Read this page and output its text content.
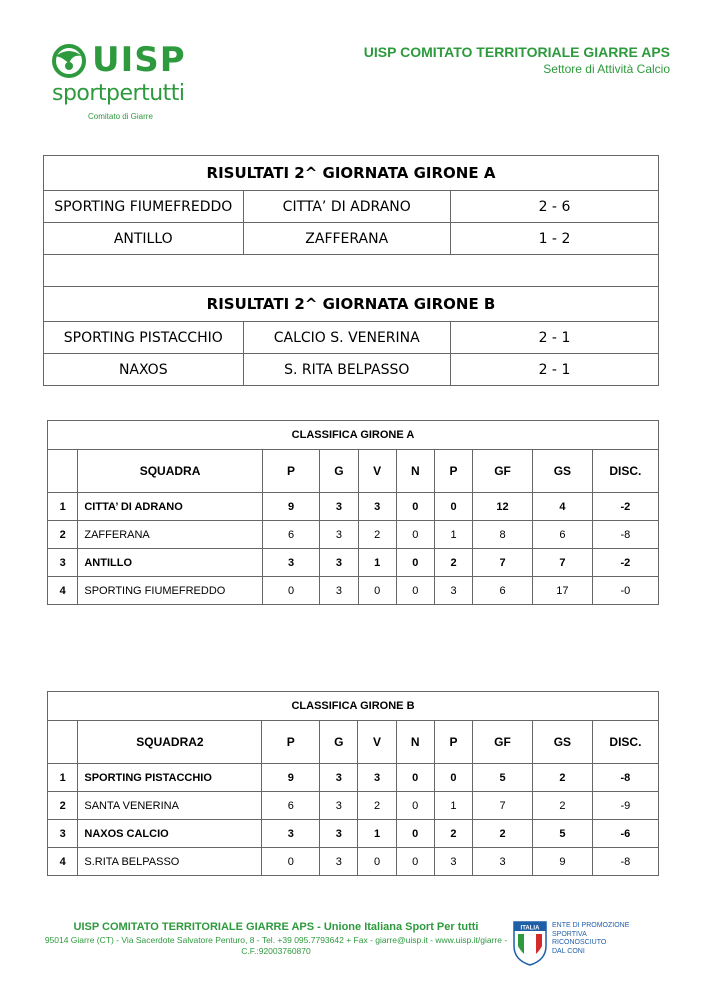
UISP
sportpertutti
Comitato di Giarre
UISP COMITATO TERRITORIALE GIARRE APS
Settore di Attività Calcio
RISULTATI 2^ GIORNATA GIRONE A		
SPORTING FIUMEFREDDO	CITTA’ DI ADRANO	2 - 6
ANTILLO	ZAFFERANA	1 - 2

RISULTATI 2^ GIORNATA GIRONE B		
SPORTING PISTACCHIO	CALCIO S. VENERINA	2 - 1
NAXOS	S. RITA BELPASSO	2 - 1
CLASSIFICA GIRONE A									
	SQUADRA	P	G	V	N	P	GF	GS	DISC.
1	CITTA’ DI ADRANO	9	3	3	0	0	12	4	-2
2	ZAFFERANA	6	3	2	0	1	8	6	-8
3	ANTILLO	3	3	1	0	2	7	7	-2
4	SPORTING FIUMEFREDDO	0	3	0	0	3	6	17	-0
CLASSIFICA GIRONE B									
	SQUADRA2	P	G	V	N	P	GF	GS	DISC.
1	SPORTING PISTACCHIO	9	3	3	0	0	5	2	-8
2	SANTA VENERINA	6	3	2	0	1	7	2	-9
3	NAXOS CALCIO	3	3	1	0	2	2	5	-6
4	S.RITA BELPASSO	0	3	0	0	3	3	9	-8
UISP COMITATO TERRITORIALE GIARRE APS - Unione Italiana Sport Per tutti
95014 Giarre (CT) - Via Sacerdote Salvatore Penturo, 8 - Tel. +39 095.7793642 + Fax - giarre@uisp.it - www.uisp.it/giarre -
C.F.:92003760870
ITALIA ENTE DI PROMOZIONE
SPORTIVA
RICONOSCIUTO
DAL CONI
